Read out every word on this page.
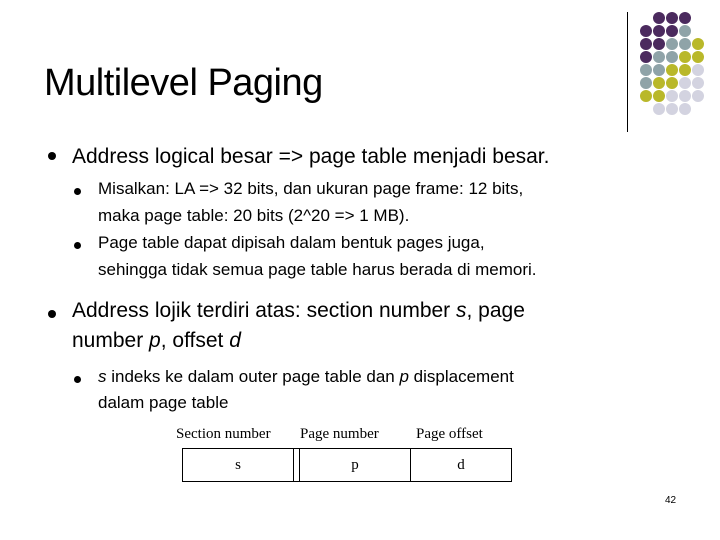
Multilevel Paging
Address logical besar => page table menjadi besar.
Misalkan: LA => 32 bits, dan ukuran page frame: 12 bits,
maka page table: 20 bits (2^20 => 1 MB).
Page table dapat dipisah dalam bentuk pages juga,
sehingga tidak semua page table harus berada di memori.
Address lojik terdiri atas: section number s, page
number p, offset d
s indeks ke dalam outer page table dan p displacement
dalam page table
Section number Page number Page offset
s	p	d
42
